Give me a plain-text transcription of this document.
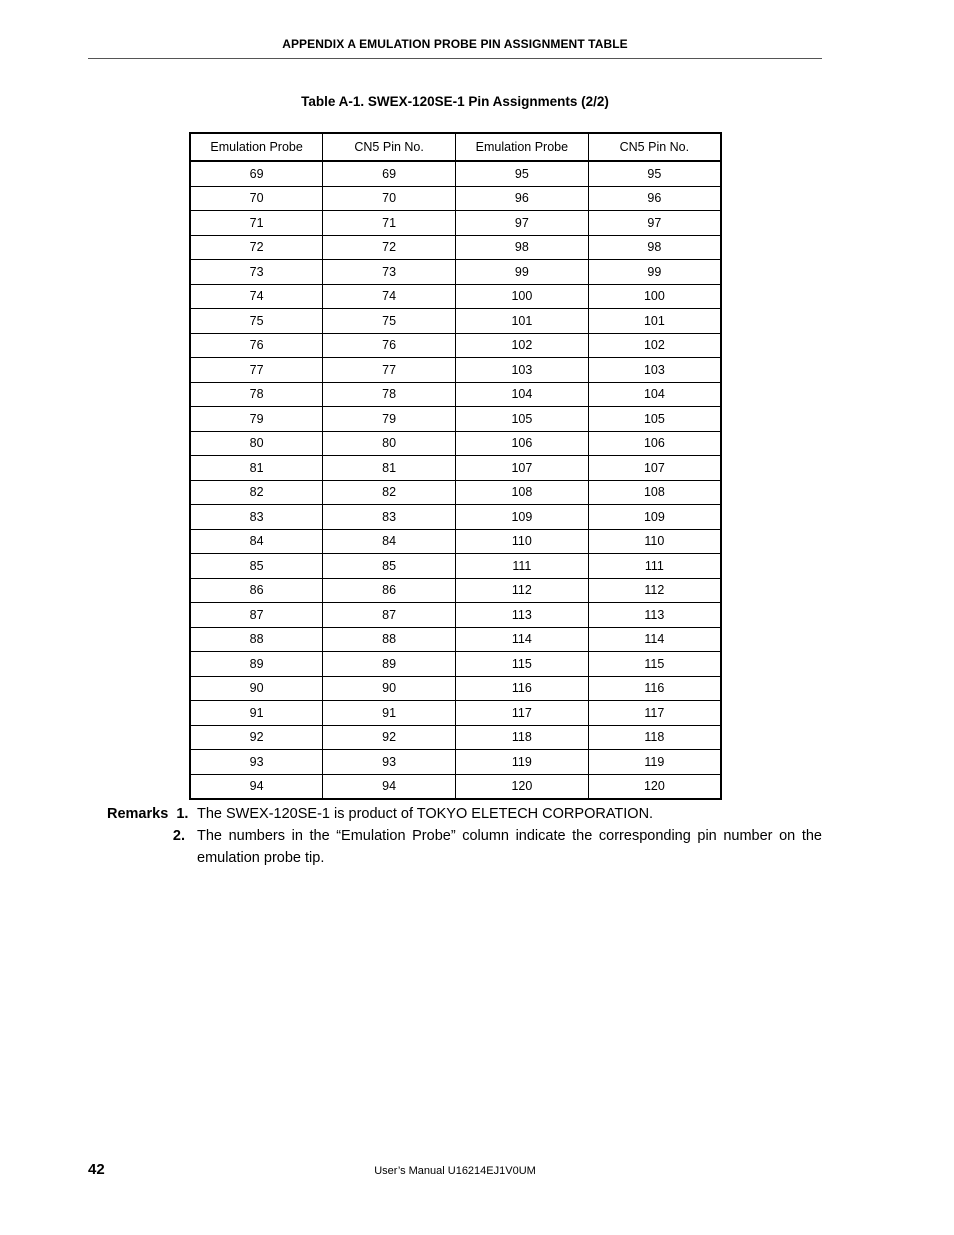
APPENDIX A EMULATION PROBE PIN ASSIGNMENT TABLE
Table A-1. SWEX-120SE-1 Pin Assignments (2/2)
Emulation Probe	CN5 Pin No.	Emulation Probe	CN5 Pin No.
69	69	95	95
70	70	96	96
71	71	97	97
72	72	98	98
73	73	99	99
74	74	100	100
75	75	101	101
76	76	102	102
77	77	103	103
78	78	104	104
79	79	105	105
80	80	106	106
81	81	107	107
82	82	108	108
83	83	109	109
84	84	110	110
85	85	111	111
86	86	112	112
87	87	113	113
88	88	114	114
89	89	115	115
90	90	116	116
91	91	117	117
92	92	118	118
93	93	119	119
94	94	120	120
Remarks 1. The SWEX-120SE-1 is product of TOKYO ELETECH CORPORATION.
2. The numbers in the “Emulation Probe” column indicate the corresponding pin number on the
emulation probe tip.
42	User’s Manual U16214EJ1V0UM
